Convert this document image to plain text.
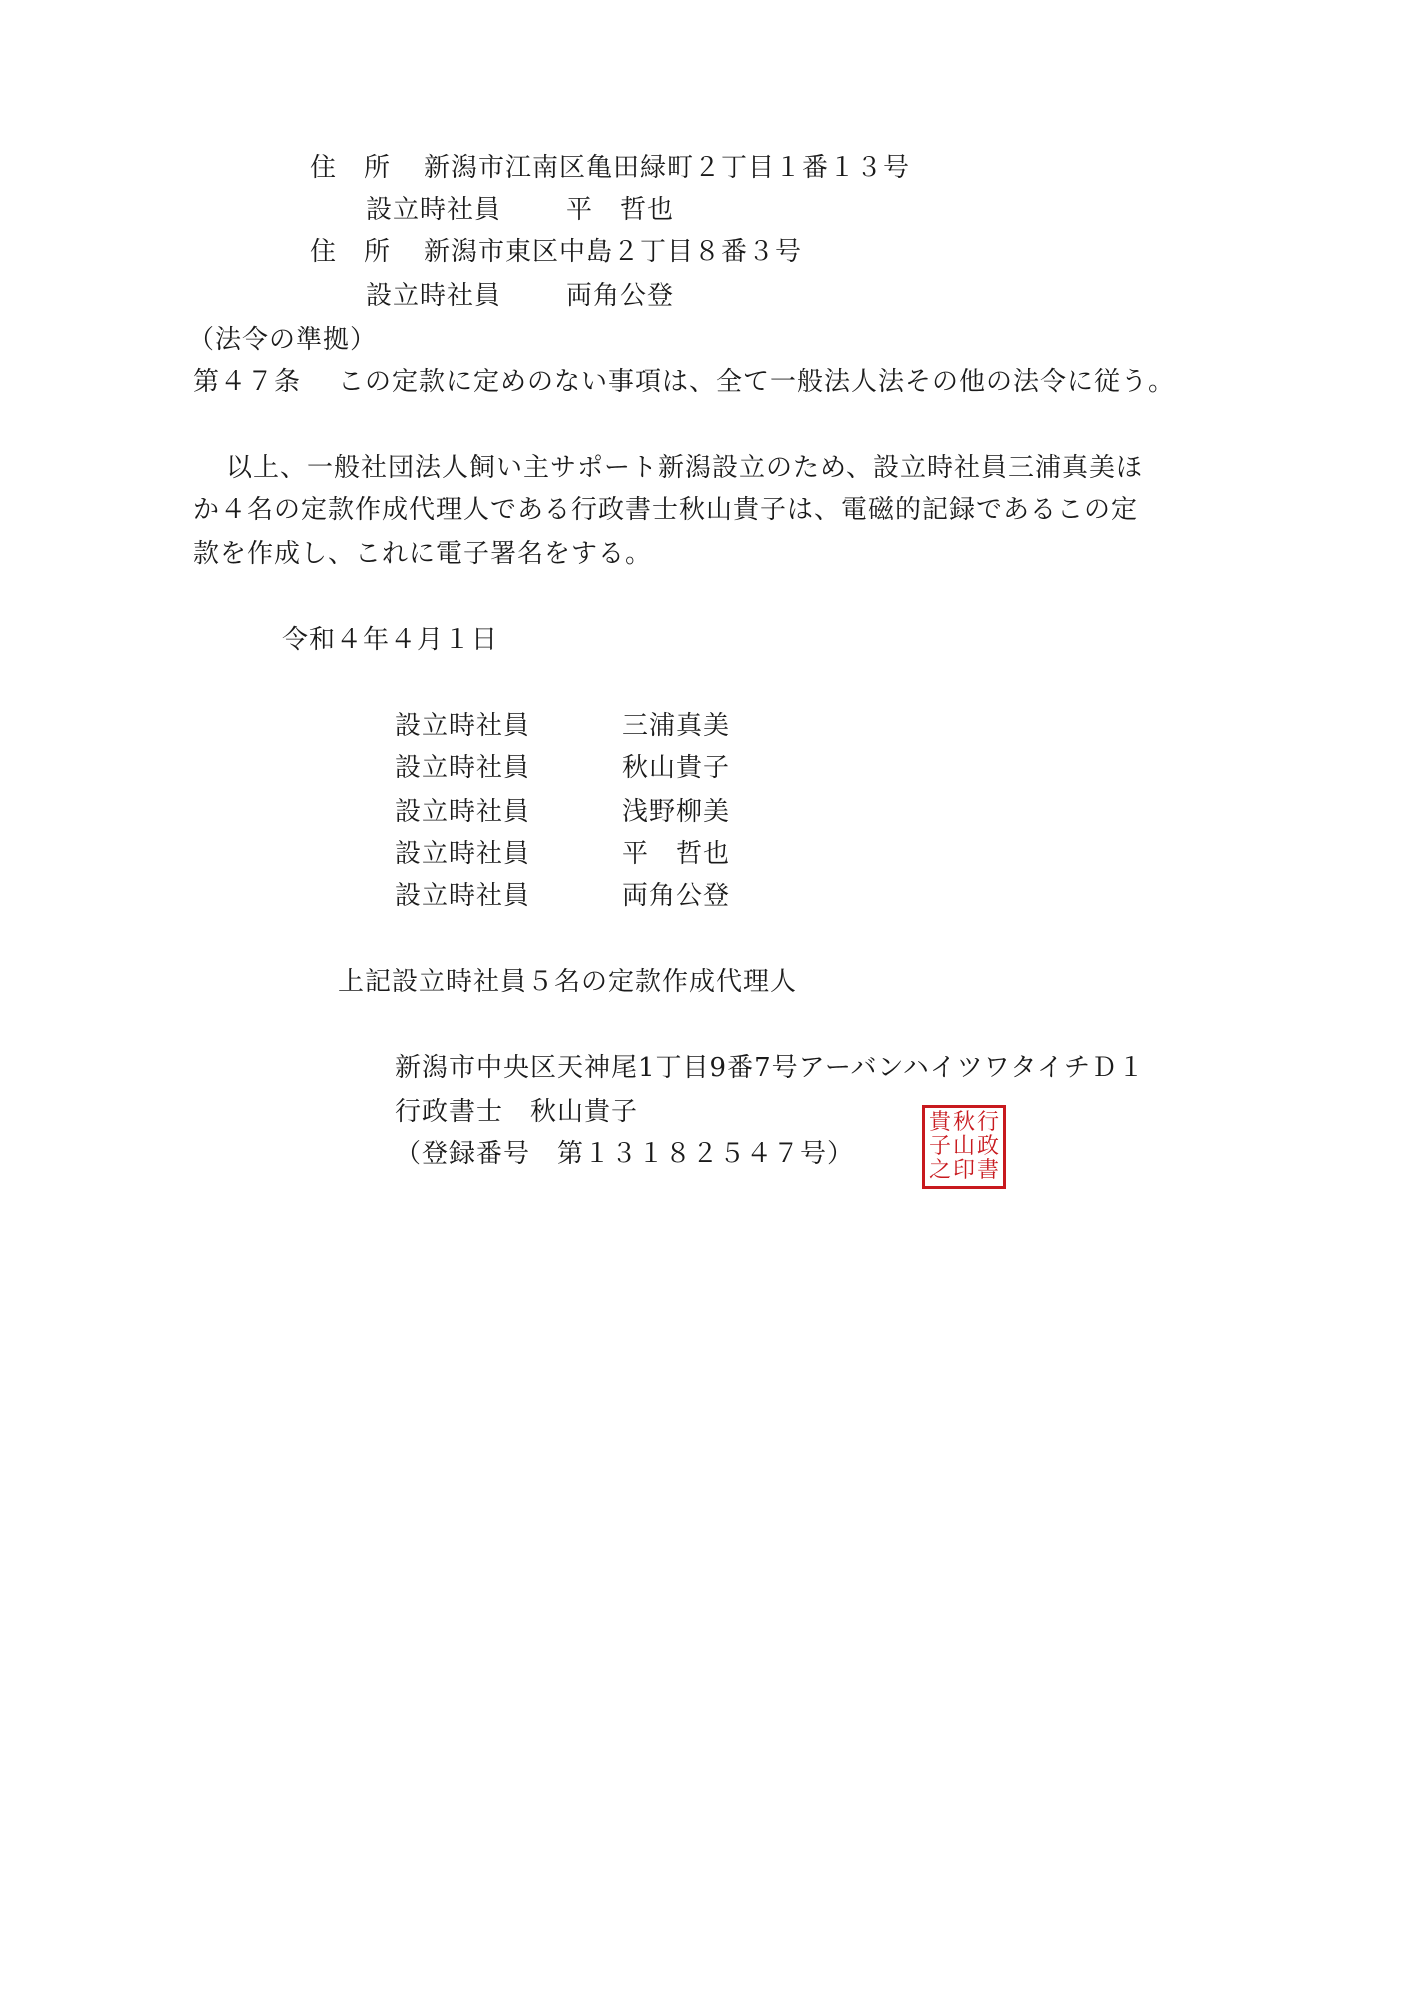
住　所 新潟市江南区亀田緑町２丁目１番１３号
設立時社員 平　哲也
住　所 新潟市東区中島２丁目８番３号
設立時社員 両角公登
（法令の準拠）
第４７条 この定款に定めのない事項は、全て一般法人法その他の法令に従う。
以上、一般社団法人飼い主サポート新潟設立のため、設立時社員三浦真美ほ
か４名の定款作成代理人である行政書士秋山貴子は、電磁的記録であるこの定
款を作成し、これに電子署名をする。
令和４年４月１日
設立時社員	三浦真美
設立時社員	秋山貴子
設立時社員	浅野柳美
設立時社員	平　哲也
設立時社員	両角公登
上記設立時社員５名の定款作成代理人
新潟市中央区天神尾1丁目9番7号アーバンハイツワタイチＤ１
行政書士　秋山貴子
（登録番号　第１３１８２５４７号）
貴 秋 行
子 山 政
之 印 書
